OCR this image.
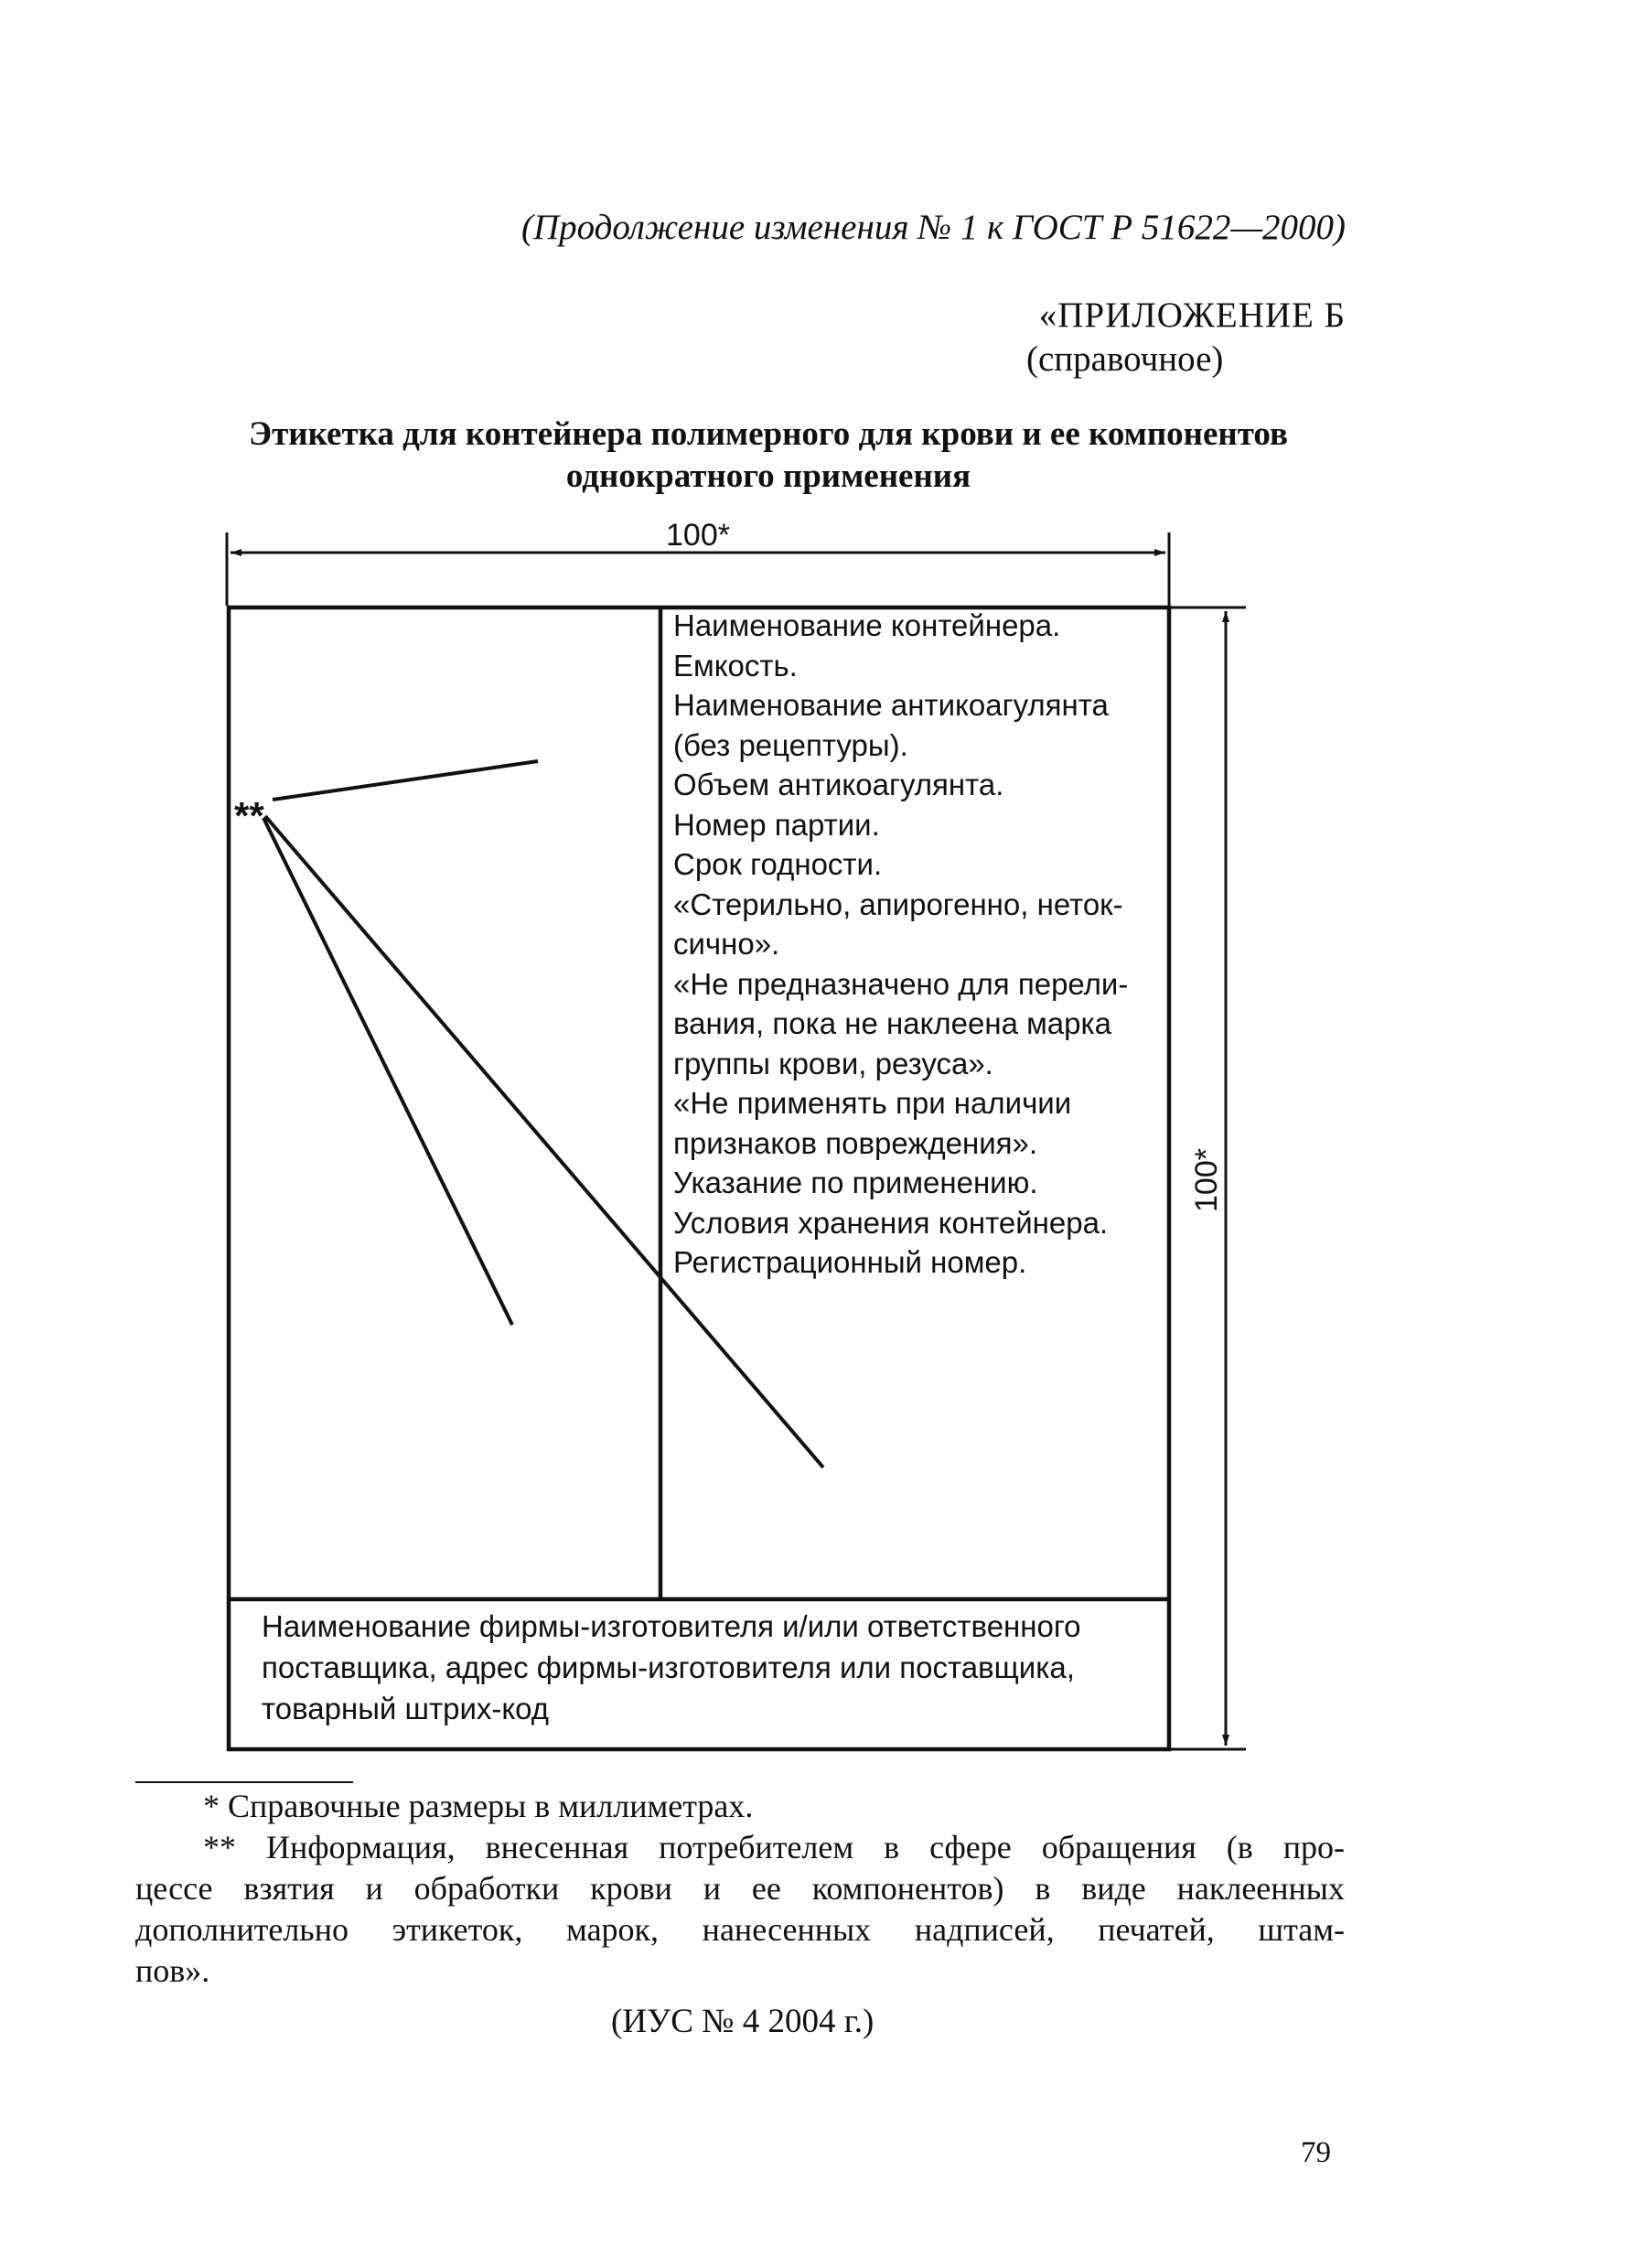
(Продолжение изменения № 1 к ГОСТ Р 51622—2000)
«ПРИЛОЖЕНИЕ Б
(справочное)
Этикетка для контейнера полимерного для крови и ее компонентов
однократного применения
100*
100*
**
Наименование контейнера.
Емкость.
Наименование антикоагулянта
(без рецептуры).
Объем антикоагулянта.
Номер партии.
Срок годности.
«Стерильно, апирогенно, неток-
сично».
«Не предназначено для перели-
вания, пока не наклеена марка
группы крови, резуса».
«Не применять при наличии
признаков повреждения».
Указание по применению.
Условия хранения контейнера.
Регистрационный номер.
Наименование фирмы-изготовителя и/или ответственного
поставщика, адрес фирмы-изготовителя или поставщика,
товарный штрих-код
* Справочные размеры в миллиметрах.
** Информация, внесенная потребителем в сфере обращения (в про-
цессе взятия и обработки крови и ее компонентов) в виде наклеенных
дополнительно этикеток, марок, нанесенных надписей, печатей, штам-
пов».
(ИУС № 4 2004 г.)
79
